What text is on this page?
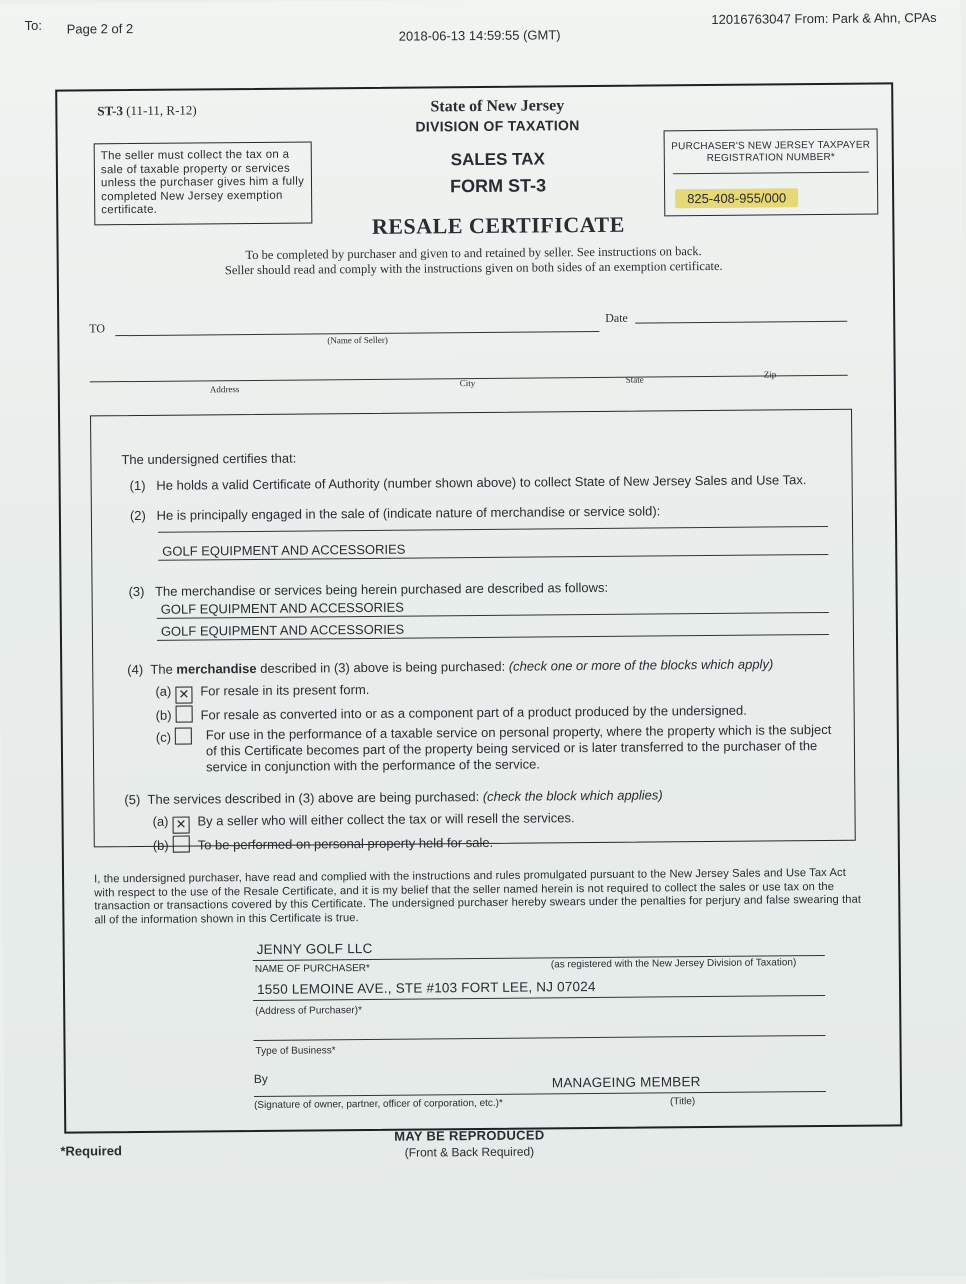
To: Page 2 of 2	2018-06-13 14:59:55 (GMT)
12016763047 From: Park & Ahn, CPAs
ST-3 (11-11, R-12)	State of New Jersey
DIVISION OF TAXATION
SALES TAX
FORM ST-3
RESALE CERTIFICATE
The seller must collect the tax on a sale of taxable property or services unless the purchaser gives him a fully completed New Jersey exemption certificate.
PURCHASER'S NEW JERSEY TAXPAYER REGISTRATION NUMBER*
825-408-955/000
To be completed by purchaser and given to and retained by seller. See instructions on back.
Seller should read and comply with the instructions given on both sides of an exemption certificate.
TO
(Name of Seller)
Date
Address
City	State
Zip
The undersigned certifies that:
(1) He holds a valid Certificate of Authority (number shown above) to collect State of New Jersey Sales and Use Tax.
(2) He is principally engaged in the sale of (indicate nature of merchandise or service sold):
GOLF EQUIPMENT AND ACCESSORIES
(3) The merchandise or services being herein purchased are described as follows:
GOLF EQUIPMENT AND ACCESSORIES
GOLF EQUIPMENT AND ACCESSORIES
(4) The merchandise described in (3) above is being purchased: (check one or more of the blocks which apply)
(a) ✕ For resale in its present form.
(b) For resale as converted into or as a component part of a product produced by the undersigned.
(c)	For use in the performance of a taxable service on personal property, where the property which is the subject of this Certificate becomes part of the property being serviced or is later transferred to the purchaser of the service in conjunction with the performance of the service.
(5) The services described in (3) above are being purchased: (check the block which applies)
(a) ✕ By a seller who will either collect the tax or will resell the services.
(b) To be performed on personal property held for sale.
I, the undersigned purchaser, have read and complied with the instructions and rules promulgated pursuant to the New Jersey Sales and Use Tax Act with respect to the use of the Resale Certificate, and it is my belief that the seller named herein is not required to collect the sales or use tax on the transaction or transactions covered by this Certificate. The undersigned purchaser hereby swears under the penalties for perjury and false swearing that all of the information shown in this Certificate is true.
JENNY GOLF LLC
NAME OF PURCHASER*	(as registered with the New Jersey Division of Taxation)
1550 LEMOINE AVE., STE #103 FORT LEE, NJ 07024
(Address of Purchaser)*
Type of Business*
By	MANAGEING MEMBER
(Signature of owner, partner, officer of corporation, etc.)*	(Title)
*Required
MAY BE REPRODUCED
(Front & Back Required)
